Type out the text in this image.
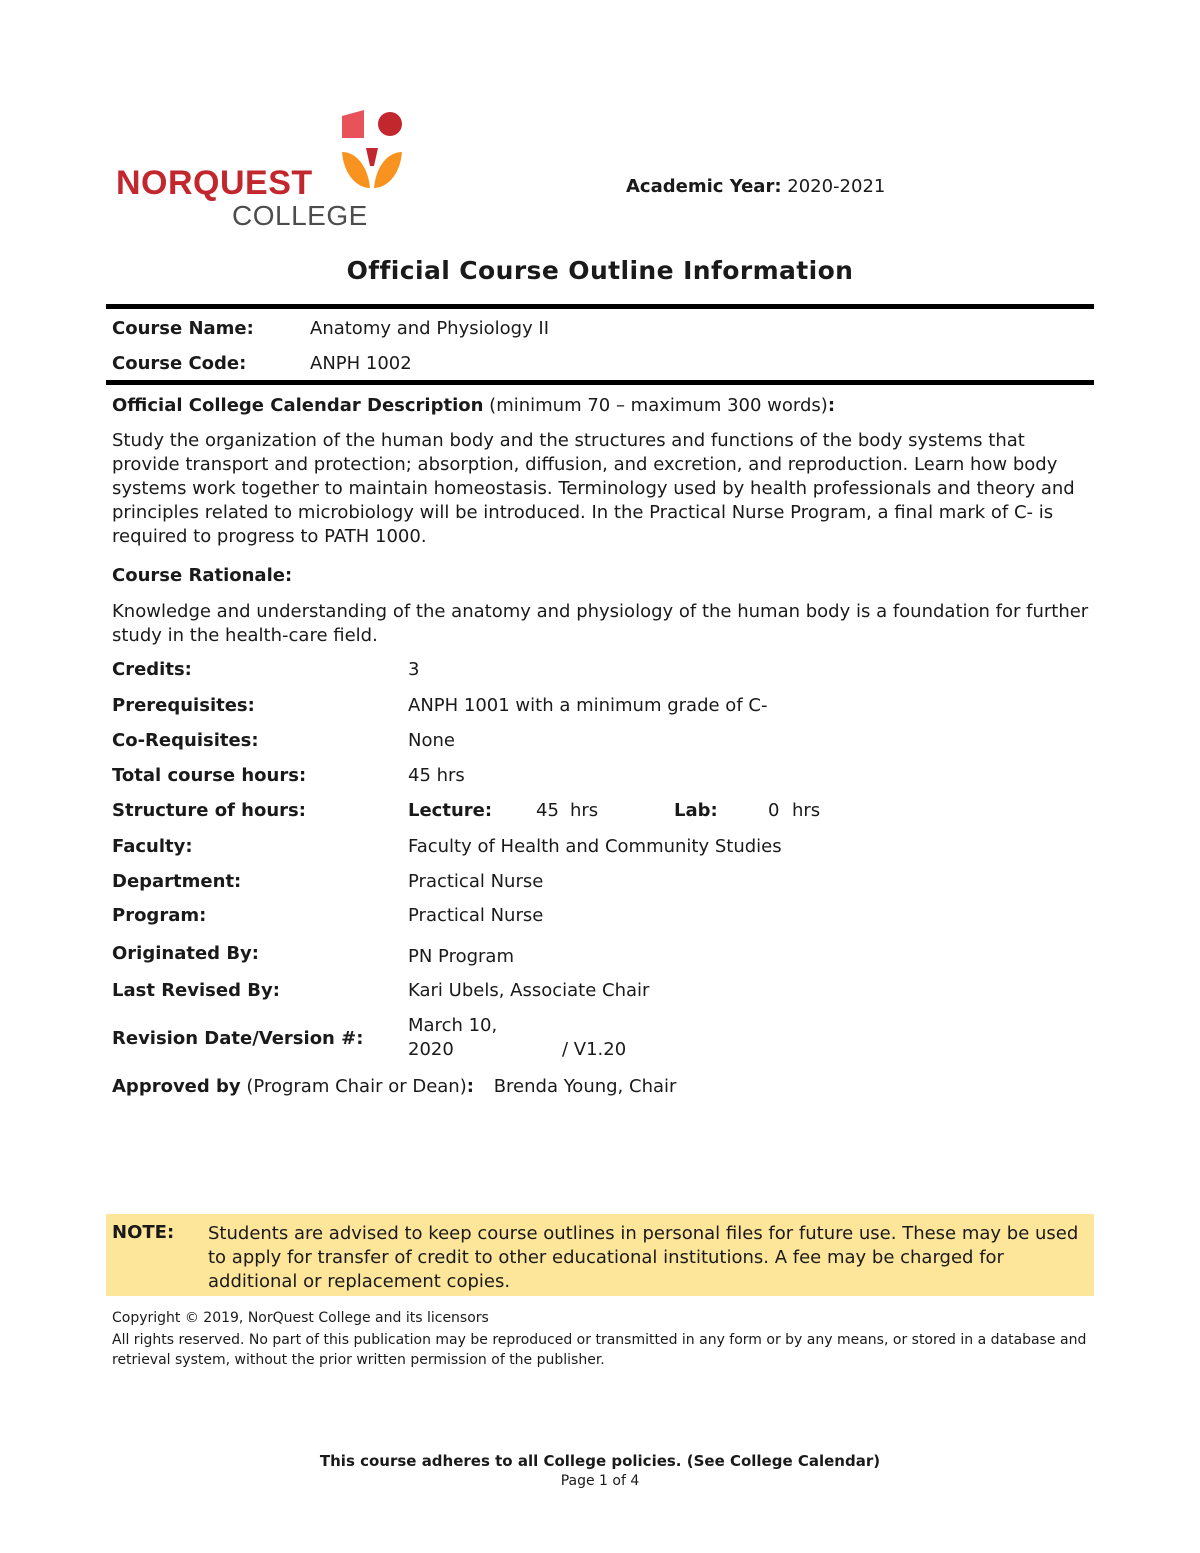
NORQUEST
COLLEGE
Academic Year: 2020-2021
Official Course Outline Information
Course Name:	Anatomy and Physiology II
Course Code:	ANPH 1002
Official College Calendar Description (minimum 70 – maximum 300 words):
Study the organization of the human body and the structures and functions of the body systems that provide transport and protection; absorption, diffusion, and excretion, and reproduction. Learn how body systems work together to maintain homeostasis. Terminology used by health professionals and theory and principles related to microbiology will be introduced. In the Practical Nurse Program, a final mark of C- is required to progress to PATH 1000.
Course Rationale:
Knowledge and understanding of the anatomy and physiology of the human body is a foundation for further study in the health-care field.
Credits:	3
Prerequisites:	ANPH 1001 with a minimum grade of C-
Co-Requisites:	None
Total course hours:	45 hrs
Structure of hours:	Lecture: 45 hrs	Lab:	0 hrs
Faculty:	Faculty of Health and Community Studies
Department:	Practical Nurse
Program:	Practical Nurse
Originated By:	PN Program
Last Revised By:	Kari Ubels, Associate Chair
Revision Date/Version #:
March 10,
2020	/ V1.20
Approved by (Program Chair or Dean): Brenda Young, Chair
NOTE: Students are advised to keep course outlines in personal files for future use. These may be used to apply for transfer of credit to other educational institutions. A fee may be charged for additional or replacement copies.
Copyright © 2019, NorQuest College and its licensors
All rights reserved. No part of this publication may be reproduced or transmitted in any form or by any means, or stored in a database and retrieval system, without the prior written permission of the publisher.
This course adheres to all College policies. (See College Calendar)
Page 1 of 4
